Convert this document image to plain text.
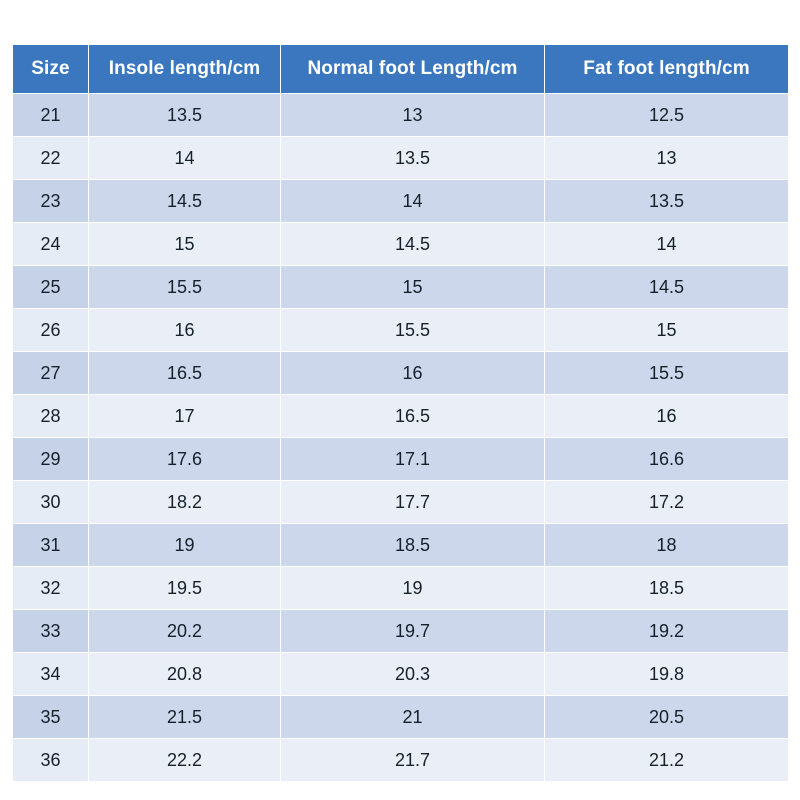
Size	Insole length/cm	Normal foot Length/cm	Fat foot length/cm
21	13.5	13	12.5
22	14	13.5	13
23	14.5	14	13.5
24	15	14.5	14
25	15.5	15	14.5
26	16	15.5	15
27	16.5	16	15.5
28	17	16.5	16
29	17.6	17.1	16.6
30	18.2	17.7	17.2
31	19	18.5	18
32	19.5	19	18.5
33	20.2	19.7	19.2
34	20.8	20.3	19.8
35	21.5	21	20.5
36	22.2	21.7	21.2
